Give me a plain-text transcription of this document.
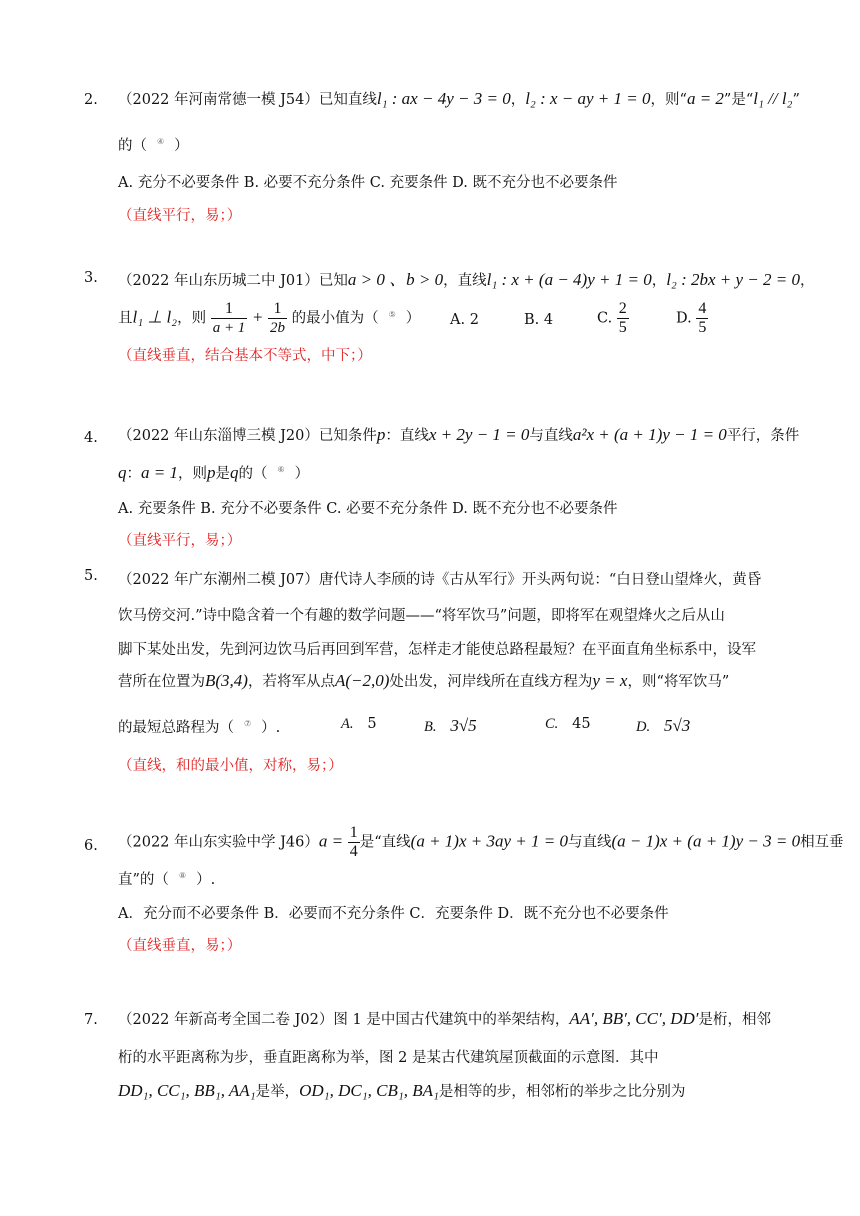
2. （2022 年河南常德一模 J54）已知直线l₁ : ax − 4y − 3 = 0，l₂ : x − ay + 1 = 0，则“a = 2”是“l₁ // l₂”
的（ ④ ）
A. 充分不必要条件 B. 必要不充分条件 C. 充要条件 D. 既不充分也不必要条件
（直线平行，易；）
3. （2022 年山东历城二中 J01）已知a > 0 、b > 0，直线l₁ : x + (a − 4)y + 1 = 0，l₂ : 2bx + y − 2 = 0，
且l₁ ⊥ l₂，则 $\frac{1}{a + 1} + \frac{1}{2b}$ 的最小值为（ ⑤ ） A. 2	B. 4	C. $\frac{2}{5}$	D. $\frac{4}{5}$
（直线垂直，结合基本不等式，中下；）
4. （2022 年山东淄博三模 J20）已知条件p：直线x + 2y − 1 = 0与直线a²x + (a + 1)y − 1 = 0平行，条件
q：a = 1，则p是q的（ ⑥ ）
A. 充要条件 B. 充分不必要条件 C. 必要不充分条件 D. 既不充分也不必要条件
（直线平行，易；）
5. （2022 年广东潮州二模 J07）唐代诗人李颀的诗《古从军行》开头两句说：“白日登山望烽火，黄昏
饮马傍交河.”诗中隐含着一个有趣的数学问题——“将军饮马”问题，即将军在观望烽火之后从山
脚下某处出发，先到河边饮马后再回到军营，怎样走才能使总路程最短？在平面直角坐标系中，设军
营所在位置为B(3,4)，若将军从点A(−2,0)处出发，河岸线所在直线方程为y = x，则“将军饮马”
的最短总路程为（ ⑦ ）.	A. 5	B. 3√5	C. 45	D. 5√3
（直线，和的最小值，对称，易；）
6. （2022 年山东实验中学 $J46)a = \frac{1}{4}$ 是“直线(a + 1)x + 3ay + 1 = 0与直线(a − 1)x + (a + 1)y − 3 = 0相互垂
直”的（ ⑧ ）.
A．充分而不必要条件 B．必要而不充分条件 C．充要条件 D．既不充分也不必要条件
（直线垂直，易；）
7. （2022 年新高考全国二卷 J02）图 1 是中国古代建筑中的举架结构，AA′, BB′, CC′, DD′是桁，相邻
桁的水平距离称为步，垂直距离称为举，图 2 是某古代建筑屋顶截面的示意图．其中
DD₁, CC₁, BB₁, AA₁是举，OD₁, DC₁, CB₁, BA₁是相等的步，相邻桁的举步之比分别为
